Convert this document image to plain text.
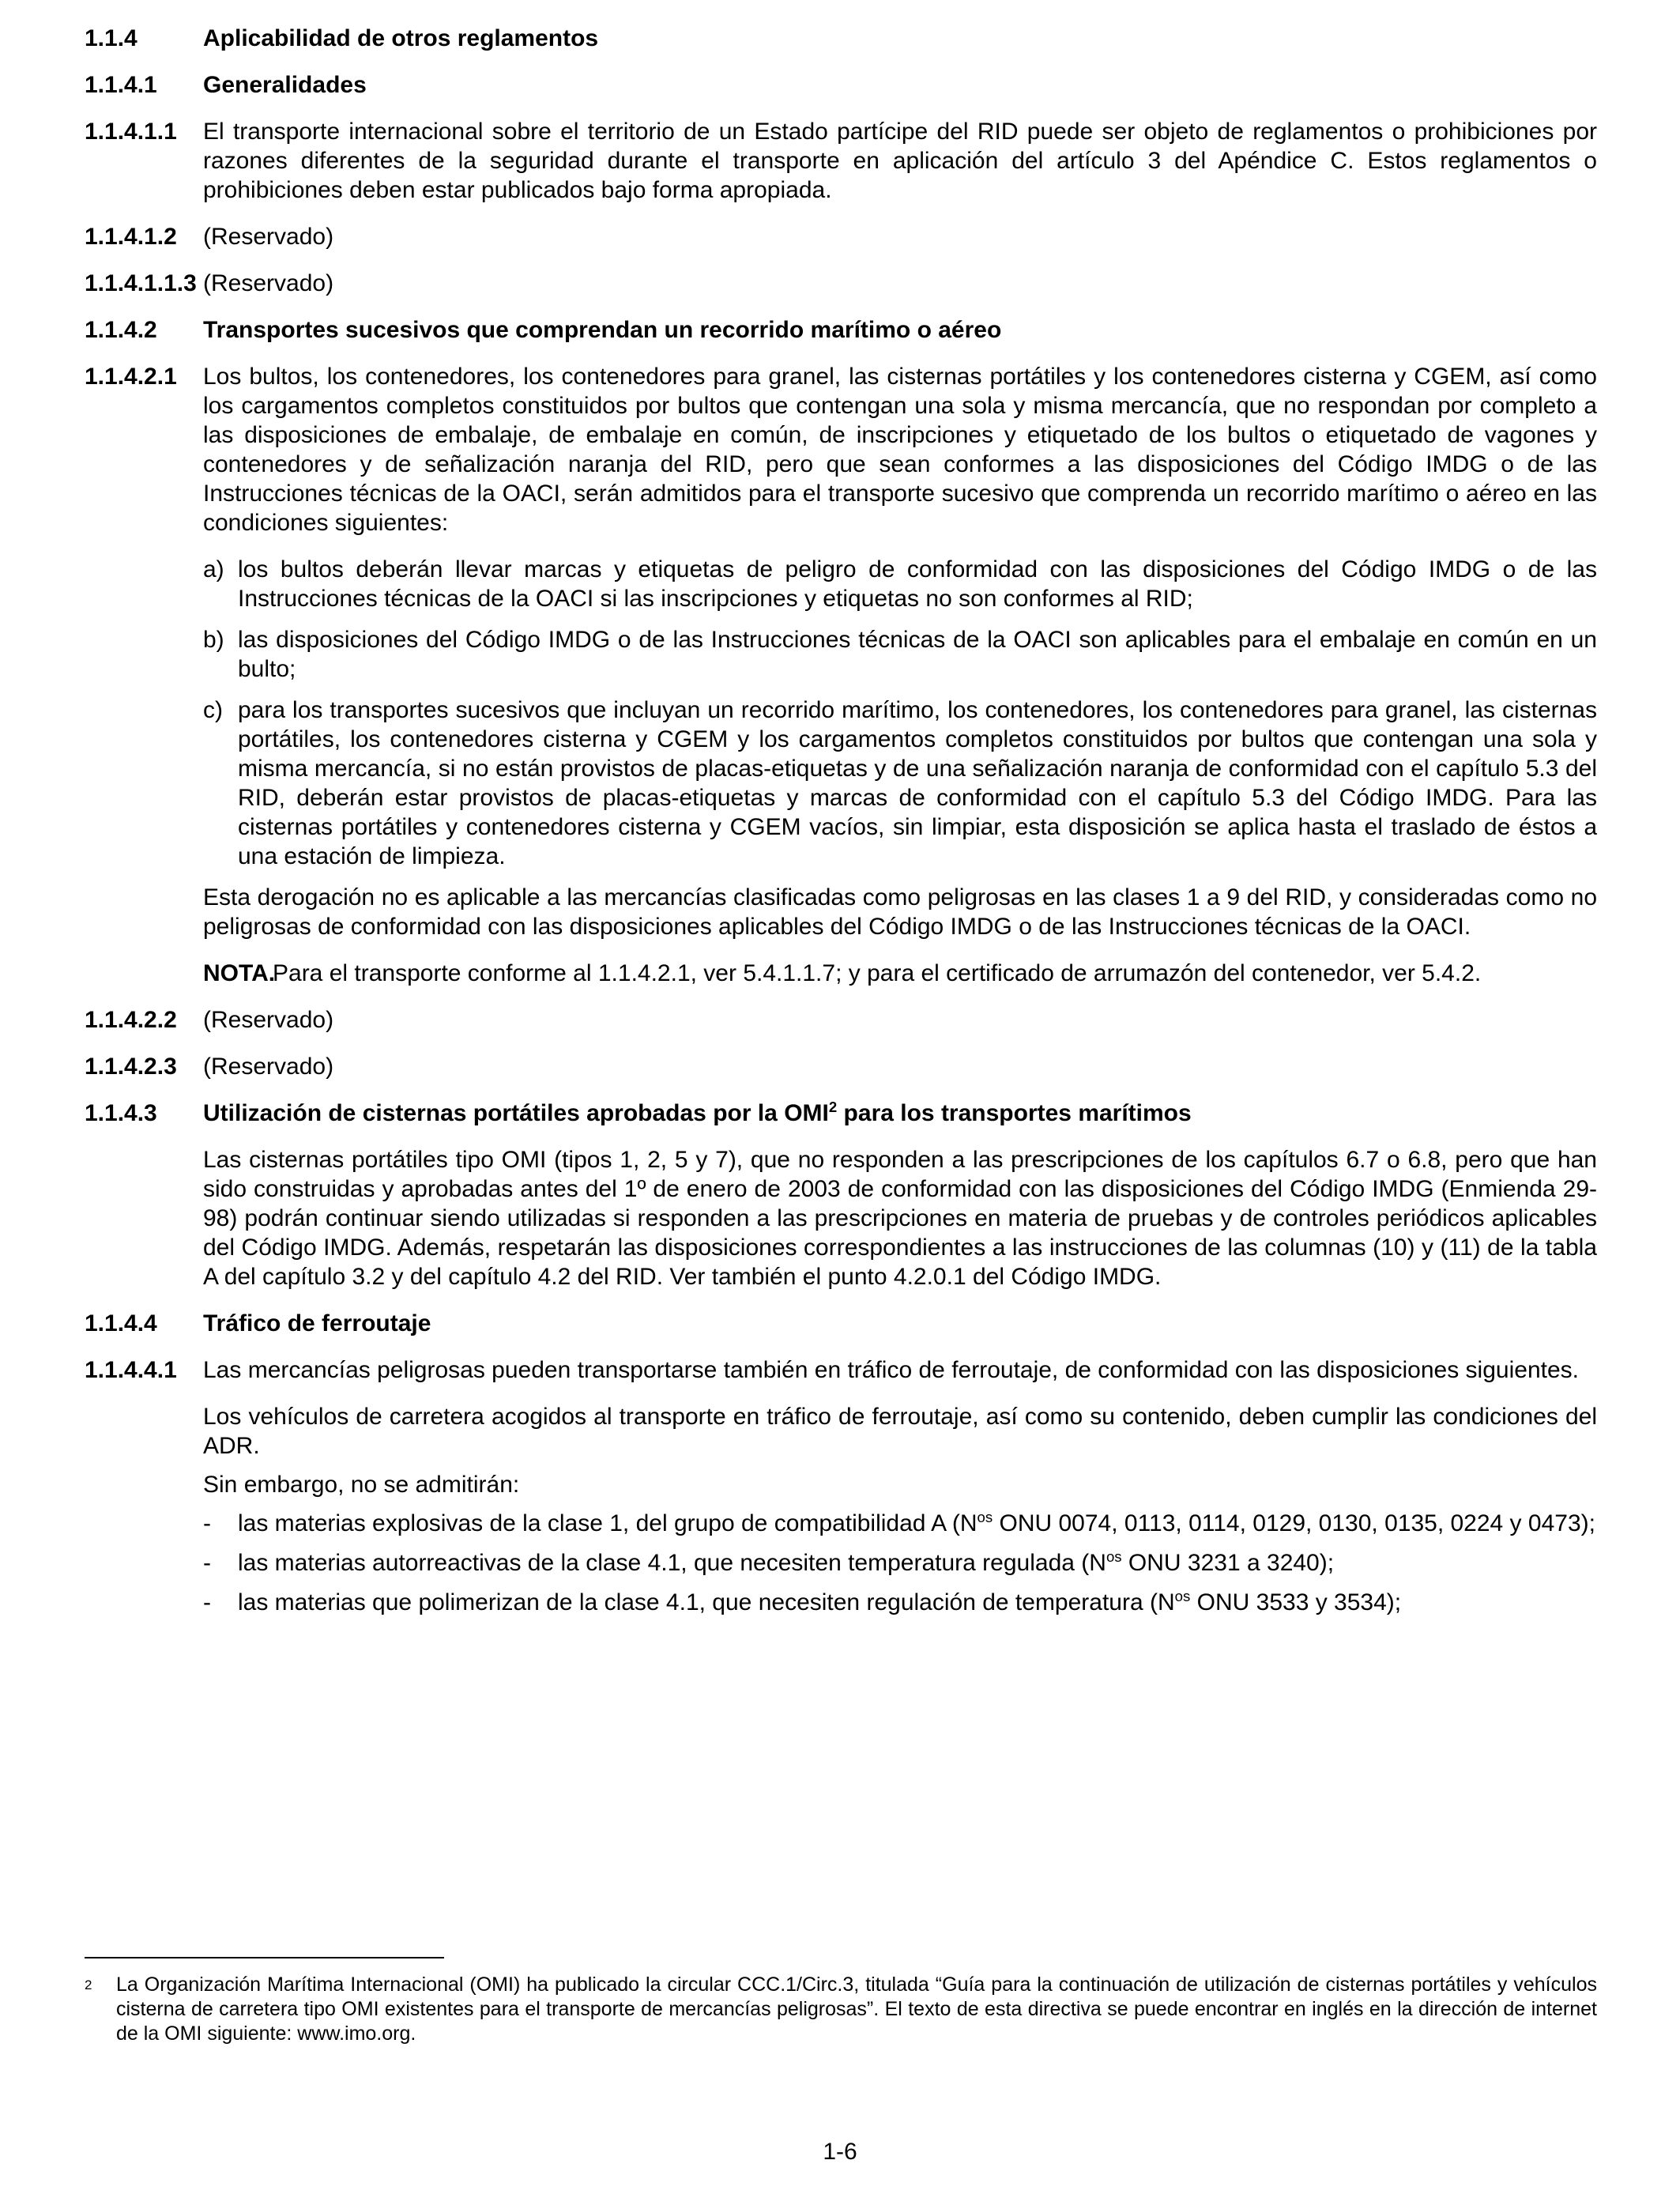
1.1.4	Aplicabilidad de otros reglamentos
1.1.4.1	Generalidades
1.1.4.1.1	El transporte internacional sobre el territorio de un Estado partícipe del RID puede ser objeto de reglamentos o prohibiciones por razones diferentes de la seguridad durante el transporte en aplicación del artículo 3 del Apéndice C. Estos reglamentos o prohibiciones deben estar publicados bajo forma apropiada.
1.1.4.1.2	(Reservado)
1.1.4.1.1.3 (Reservado)
1.1.4.2	Transportes sucesivos que comprendan un recorrido marítimo o aéreo
1.1.4.2.1	Los bultos, los contenedores, los contenedores para granel, las cisternas portátiles y los contenedores cisterna y CGEM, así como los cargamentos completos constituidos por bultos que contengan una sola y misma mercancía, que no respondan por completo a las disposiciones de embalaje, de embalaje en común, de inscripciones y etiquetado de los bultos o etiquetado de vagones y contenedores y de señalización naranja del RID, pero que sean conformes a las disposiciones del Código IMDG o de las Instrucciones técnicas de la OACI, serán admitidos para el transporte sucesivo que comprenda un recorrido marítimo o aéreo en las condiciones siguientes:
a) los bultos deberán llevar marcas y etiquetas de peligro de conformidad con las disposiciones del Código IMDG o de las Instrucciones técnicas de la OACI si las inscripciones y etiquetas no son conformes al RID;
b) las disposiciones del Código IMDG o de las Instrucciones técnicas de la OACI son aplicables para el embalaje en común en un bulto;
c) para los transportes sucesivos que incluyan un recorrido marítimo, los contenedores, los contenedores para granel, las cisternas portátiles, los contenedores cisterna y CGEM y los cargamentos completos constituidos por bultos que contengan una sola y misma mercancía, si no están provistos de placas-etiquetas y de una señalización naranja de conformidad con el capítulo 5.3 del RID, deberán estar provistos de placas-etiquetas y marcas de conformidad con el capítulo 5.3 del Código IMDG. Para las cisternas portátiles y contenedores cisterna y CGEM vacíos, sin limpiar, esta disposición se aplica hasta el traslado de éstos a una estación de limpieza.
Esta derogación no es aplicable a las mercancías clasificadas como peligrosas en las clases 1 a 9 del RID, y consideradas como no peligrosas de conformidad con las disposiciones aplicables del Código IMDG o de las Instrucciones técnicas de la OACI.
NOTA.
Para el transporte conforme al 1.1.4.2.1, ver 5.4.1.1.7; y para el certificado de arrumazón del contenedor, ver 5.4.2.
1.1.4.2.2	(Reservado)
1.1.4.2.3	(Reservado)
1.1.4.3	Utilización de cisternas portátiles aprobadas por la OMI$^2$ para los transportes marítimos
Las cisternas portátiles tipo OMI (tipos 1, 2, 5 y 7), que no responden a las prescripciones de los capítulos 6.7 o 6.8, pero que han sido construidas y aprobadas antes del 1º de enero de 2003 de conformidad con las disposiciones del Código IMDG (Enmienda 29-98) podrán continuar siendo utilizadas si responden a las prescripciones en materia de pruebas y de controles periódicos aplicables del Código IMDG. Además, respetarán las disposiciones correspondientes a las instrucciones de las columnas (10) y (11) de la tabla A del capítulo 3.2 y del capítulo 4.2 del RID. Ver también el punto 4.2.0.1 del Código IMDG.
1.1.4.4	Tráfico de ferroutaje
1.1.4.4.1	Las mercancías peligrosas pueden transportarse también en tráfico de ferroutaje, de conformidad con las disposiciones siguientes.
Los vehículos de carretera acogidos al transporte en tráfico de ferroutaje, así como su contenido, deben cumplir las condiciones del ADR.
Sin embargo, no se admitirán:
-	las materias explosivas de la clase 1, del grupo de compatibilidad A ($N^{os}$ ONU 0074, 0113, 0114, 0129, 0130, 0135, 0224 y 0473);
-	las materias autorreactivas de la clase 4.1, que necesiten temperatura regulada ($N^{os}$ ONU 3231 a 3240);
-	las materias que polimerizan de la clase 4.1, que necesiten regulación de temperatura ($N^{os}$ ONU 3533 y 3534);
2	La Organización Marítima Internacional (OMI) ha publicado la circular CCC.1/Circ.3, titulada “Guía para la continuación de utilización de cisternas portátiles y vehículos cisterna de carretera tipo OMI existentes para el transporte de mercancías peligrosas”. El texto de esta directiva se puede encontrar en inglés en la dirección de internet de la OMI siguiente: www.imo.org.
1-6
